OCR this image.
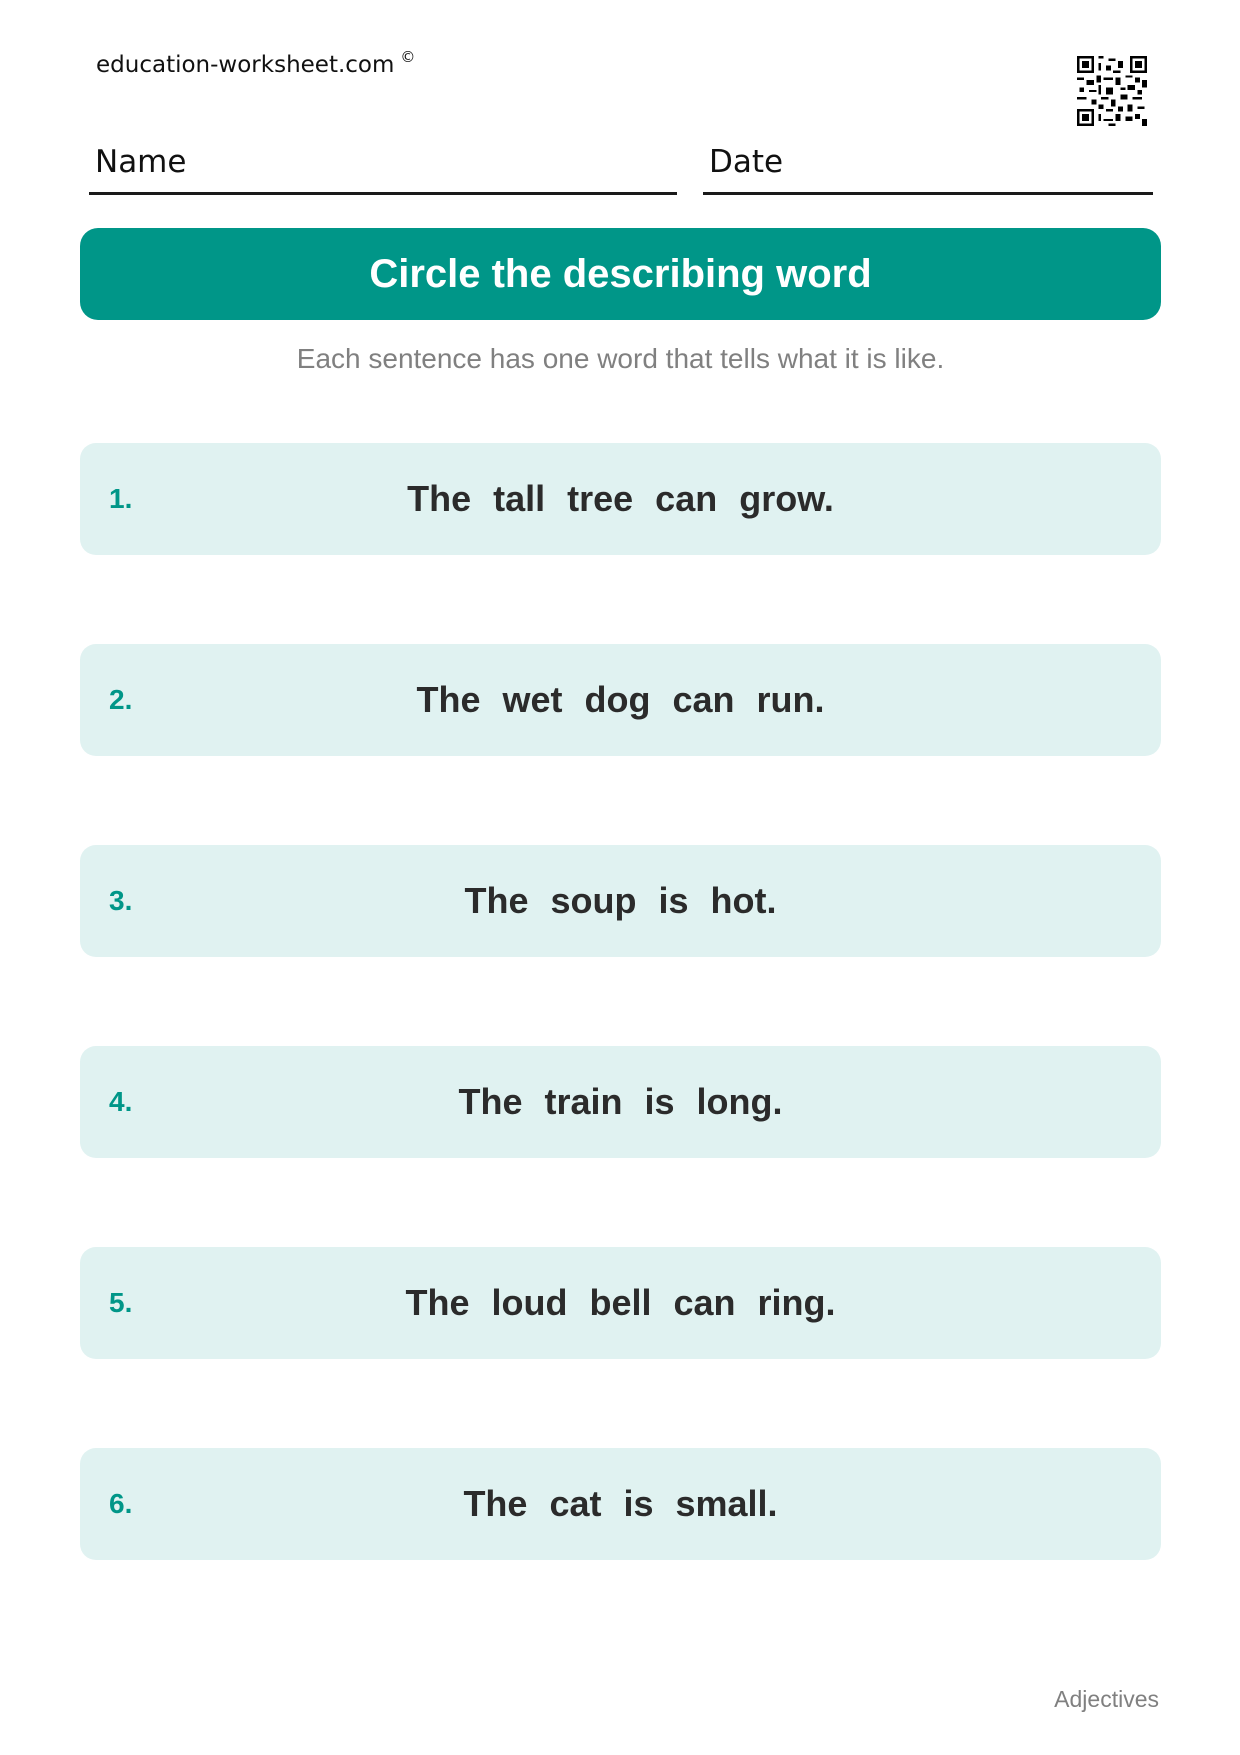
education-worksheet.com ©
Name	Date
Circle the describing word
Each sentence has one word that tells what it is like.
1.	The tall tree can grow.
2.	The wet dog can run.
3.	The soup is hot.
4.	The train is long.
5.	The loud bell can ring.
6.	The cat is small.
Adjectives
